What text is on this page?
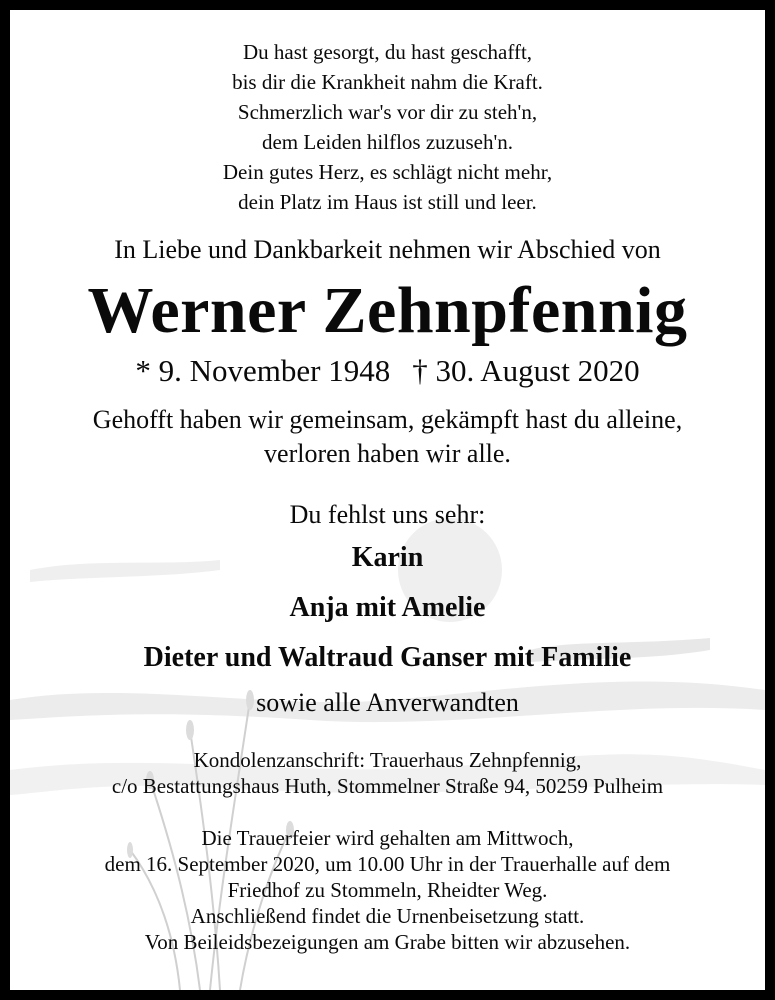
Du hast gesorgt, du hast geschafft,
bis dir die Krankheit nahm die Kraft.
Schmerzlich war's vor dir zu steh'n,
dem Leiden hilflos zuzuseh'n.
Dein gutes Herz, es schlägt nicht mehr,
dein Platz im Haus ist still und leer.
In Liebe und Dankbarkeit nehmen wir Abschied von
Werner Zehnpfennig
* 9. November 1948 † 30. August 2020
Gehofft haben wir gemeinsam, gekämpft hast du alleine,
verloren haben wir alle.
Du fehlst uns sehr:
Karin
Anja mit Amelie
Dieter und Waltraud Ganser mit Familie
sowie alle Anverwandten
Kondolenzanschrift: Trauerhaus Zehnpfennig,
c/o Bestattungshaus Huth, Stommelner Straße 94, 50259 Pulheim
Die Trauerfeier wird gehalten am Mittwoch,
dem 16. September 2020, um 10.00 Uhr in der Trauerhalle auf dem
Friedhof zu Stommeln, Rheidter Weg.
Anschließend findet die Urnenbeisetzung statt.
Von Beileidsbezeigungen am Grabe bitten wir abzusehen.
